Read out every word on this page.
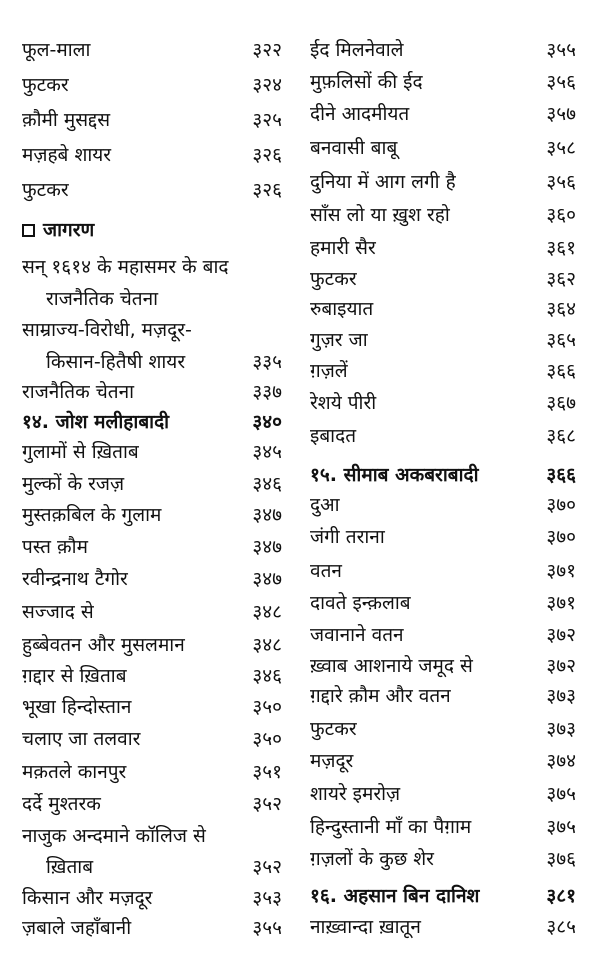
फूल-माला	३२२
फुटकर	३२४
क़ौमी मुसद्दस	३२५
मज़हबे शायर	३२६
फुटकर	३२६
जागरण
सन् १६१४ के महासमर के बाद
राजनैतिक चेतना
साम्राज्य-विरोधी, मज़दूर-
किसान-हितैषी शायर	३३५
राजनैतिक चेतना	३३७
१४. जोश मलीहाबादी	३४०
गुलामों से ख़िताब	३४५
मुल्कों के रजज़	३४६
मुस्तक़बिल के गुलाम	३४७
पस्त क़ौम	३४७
रवीन्द्रनाथ टैगोर	३४७
सज्जाद से	३४८
हुब्बेवतन और मुसलमान	३४८
ग़द्दार से ख़िताब	३४६
भूखा हिन्दोस्तान	३५०
चलाए जा तलवार	३५०
मक़तले कानपुर	३५१
दर्दे मुश्तरक	३५२
नाजुक अन्दमाने कॉलिज से
ख़िताब	३५२
किसान और मज़दूर	३५३
ज़बाले जहाँबानी	३५५
ईद मिलनेवाले	३५५
मुफ़लिसों की ईद	३५६
दीने आदमीयत	३५७
बनवासी बाबू	३५८
दुनिया में आग लगी है	३५६
साँस लो या ख़ुश रहो	३६०
हमारी सैर	३६१
फुटकर	३६२
रुबाइयात	३६४
गुज़र जा	३६५
ग़ज़लें	३६६
रेशये पीरी	३६७
इबादत	३६८
१५. सीमाब अकबराबादी	३६६
दुआ	३७०
जंगी तराना	३७०
वतन	३७१
दावते इन्क़लाब	३७१
जवानाने वतन	३७२
ख़्वाब आशनाये जमूद से	३७२
ग़द्दारे क़ौम और वतन	३७३
फुटकर	३७३
मज़दूर	३७४
शायरे इमरोज़	३७५
हिन्दुस्तानी माँ का पैग़ाम	३७५
ग़ज़लों के कुछ शेर	३७६
१६. अहसान बिन दानिश	३८१
नाख़्वान्दा ख़ातून	३८५
